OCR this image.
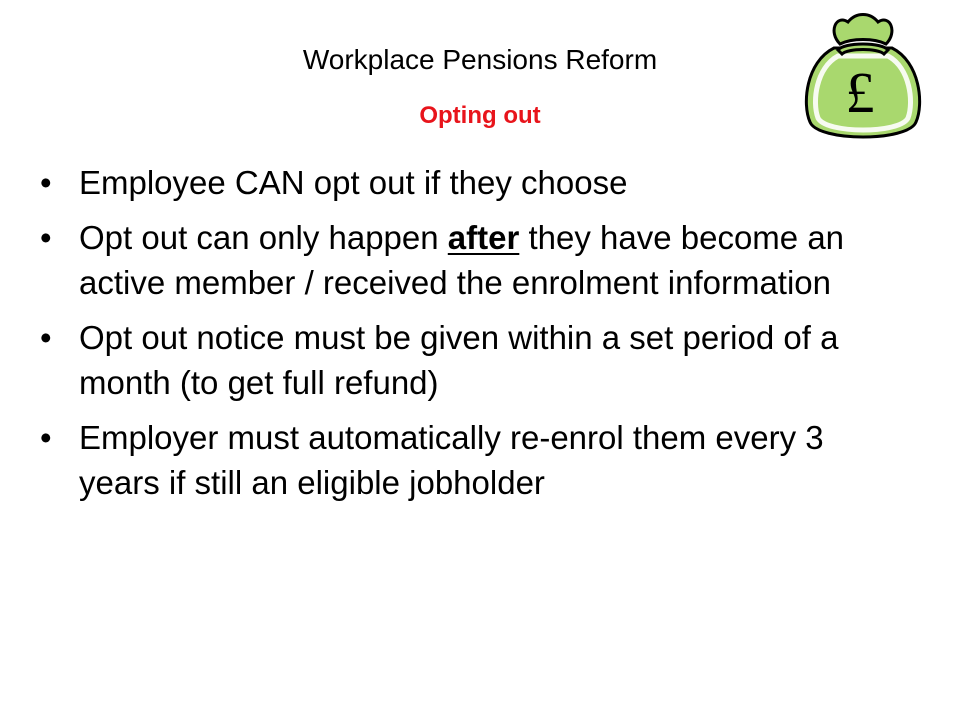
Workplace Pensions Reform
Opting out	£
• Employee CAN opt out if they choose
• Opt out can only happen after they have become an active member / received the enrolment information
• Opt out notice must be given within a set period of a month (to get full refund)
• Employer must automatically re-enrol them every 3 years if still an eligible jobholder
